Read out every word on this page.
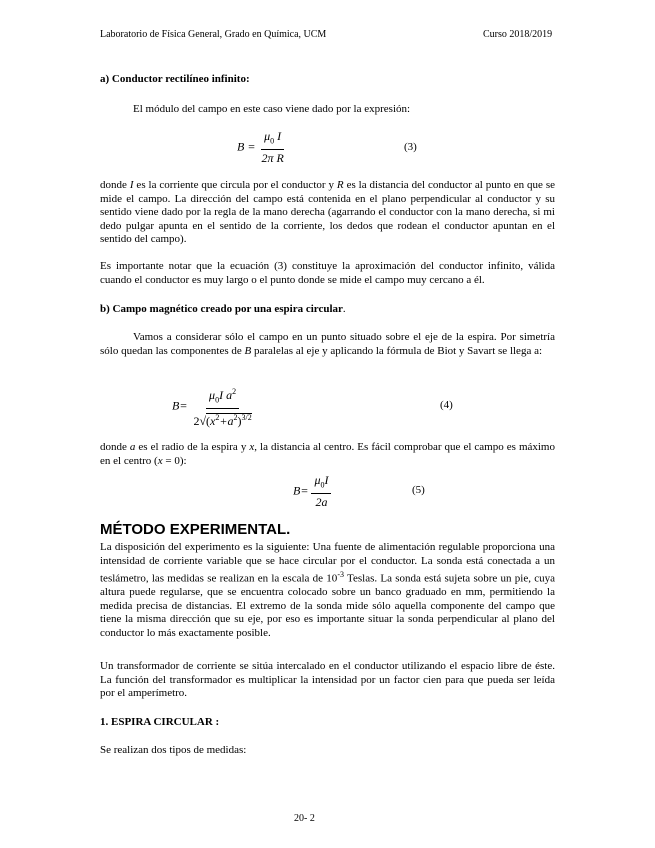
Laboratorio de Física General, Grado en Química, UCM	Curso 2018/2019
a) Conductor rectilíneo infinito:
El módulo del campo en este caso viene dado por la expresión:
$B = \frac{\mu_0 I}{\text{2π R}}$	(3)
donde I es la corriente que circula por el conductor y R es la distancia del conductor al punto en que se mide el campo. La dirección del campo está contenida en el plano perpendicular al conductor y su sentido viene dado por la regla de la mano derecha (agarrando el conductor con la mano derecha, si mi dedo pulgar apunta en el sentido de la corriente, los dedos que rodean el conductor apuntan en el sentido del campo).
Es importante notar que la ecuación (3) constituye la aproximación del conductor infinito, válida cuando el conductor es muy largo o el punto donde se mide el campo muy cercano a él.
b) Campo magnético creado por una espira circular.
Vamos a considerar sólo el campo en un punto situado sobre el eje de la espira. Por simetría sólo quedan las componentes de B paralelas al eje y aplicando la fórmula de Biot y Savart se llega a:
$B= \frac{\mu_0I a^2}{2√(x^2+a^2)^{3/2}}$	(4)
donde a es el radio de la espira y x, la distancia al centro. Es fácil comprobar que el campo es máximo en el centro (x = 0):
$B= \frac{\mu_0I}{2a}$	(5)
MÉTODO EXPERIMENTAL.
La disposición del experimento es la siguiente: Una fuente de alimentación regulable proporciona una intensidad de corriente variable que se hace circular por el conductor. La sonda está conectada a un teslámetro, las medidas se realizan en la escala de $10^{-3}$ Teslas. La sonda está sujeta sobre un pie, cuya altura puede regularse, que se encuentra colocado sobre un banco graduado en mm, permitiendo la medida precisa de distancias. El extremo de la sonda mide sólo aquella componente del campo que tiene la misma dirección que su eje, por eso es importante situar la sonda perpendicular al plano del conductor lo más exactamente posible.
Un transformador de corriente se sitúa intercalado en el conductor utilizando el espacio libre de éste. La función del transformador es multiplicar la intensidad por un factor cien para que pueda ser leída por el amperímetro.
1. ESPIRA CIRCULAR :
Se realizan dos tipos de medidas:
20- 2
